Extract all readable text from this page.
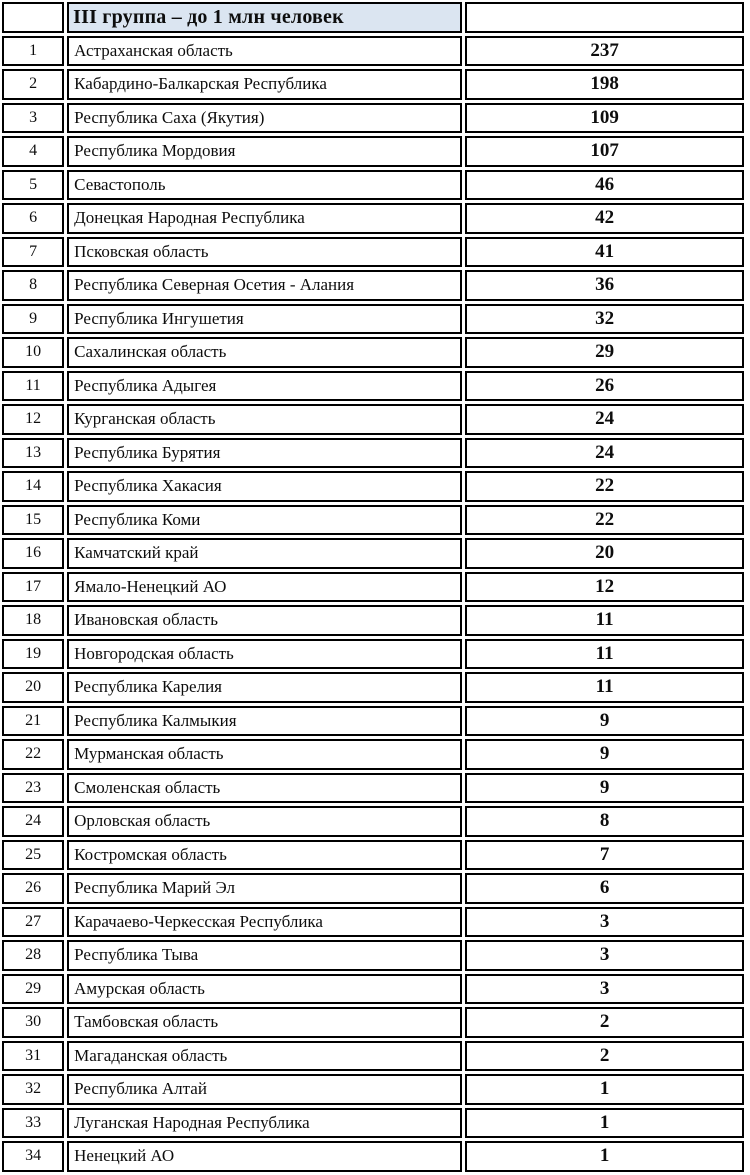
	III группа – до 1 млн человек	
1	Астраханская область	237
2	Кабардино-Балкарская Республика	198
3	Республика Саха (Якутия)	109
4	Республика Мордовия	107
5	Севастополь	46
6	Донецкая Народная Республика	42
7	Псковская область	41
8	Республика Северная Осетия - Алания	36
9	Республика Ингушетия	32
10	Сахалинская область	29
11	Республика Адыгея	26
12	Курганская область	24
13	Республика Бурятия	24
14	Республика Хакасия	22
15	Республика Коми	22
16	Камчатский край	20
17	Ямало-Ненецкий АО	12
18	Ивановская область	11
19	Новгородская область	11
20	Республика Карелия	11
21	Республика Калмыкия	9
22	Мурманская область	9
23	Смоленская область	9
24	Орловская область	8
25	Костромская область	7
26	Республика Марий Эл	6
27	Карачаево-Черкесская Республика	3
28	Республика Тыва	3
29	Амурская область	3
30	Тамбовская область	2
31	Магаданская область	2
32	Республика Алтай	1
33	Луганская Народная Республика	1
34	Ненецкий АО	1
